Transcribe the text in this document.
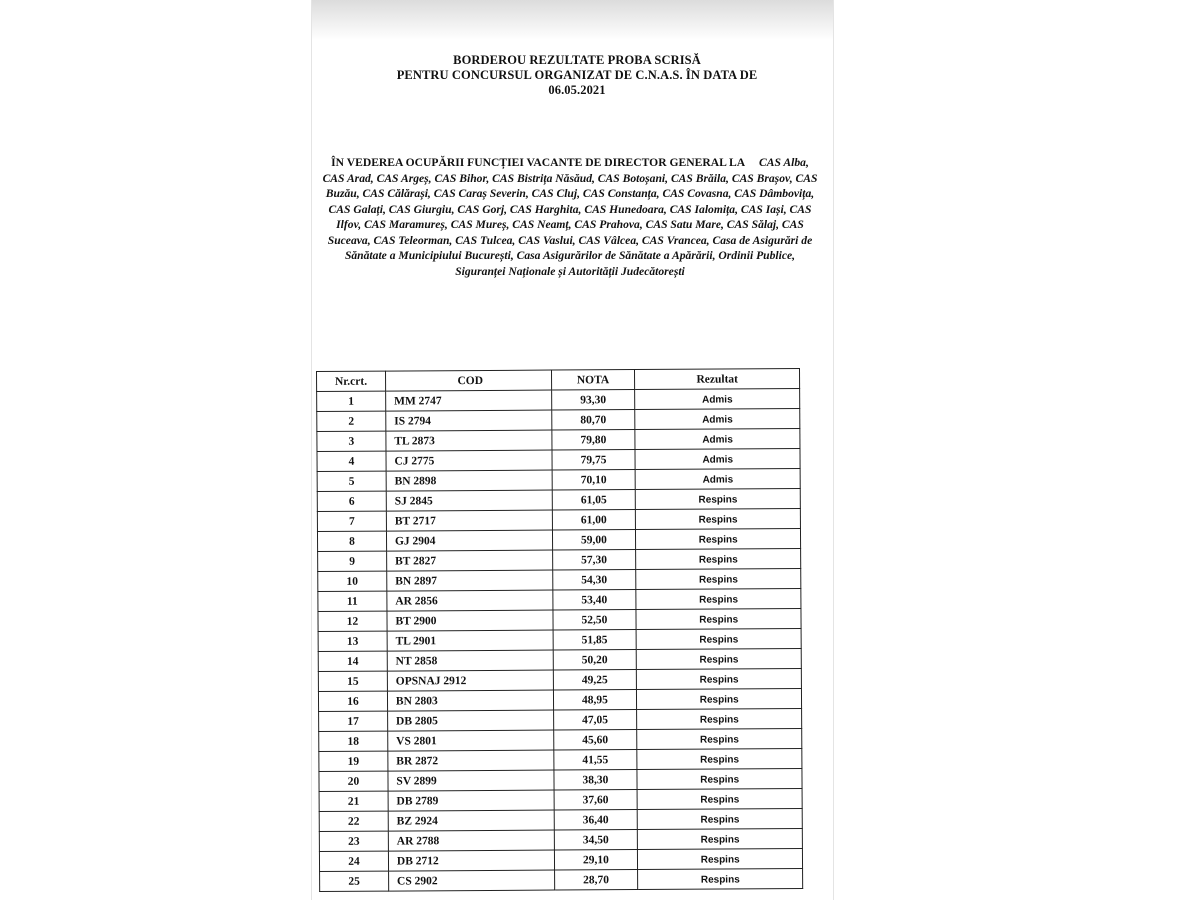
BORDEROU REZULTATE PROBA SCRISĂ
PENTRU CONCURSUL ORGANIZAT DE C.N.A.S. ÎN DATA DE
06.05.2021
ÎN VEDEREA OCUPĂRII FUNCȚIEI VACANTE DE DIRECTOR GENERAL LA CAS Alba, CAS Arad, CAS Argeș, CAS Bihor, CAS Bistrița Năsăud, CAS Botoșani, CAS Brăila, CAS Brașov, CAS Buzău, CAS Călărași, CAS Caraș Severin, CAS Cluj, CAS Constanța, CAS Covasna, CAS Dâmbovița, CAS Galați, CAS Giurgiu, CAS Gorj, CAS Harghita, CAS Hunedoara, CAS Ialomița, CAS Iași, CAS Ilfov, CAS Maramureș, CAS Mureș, CAS Neamț, CAS Prahova, CAS Satu Mare, CAS Sălaj, CAS Suceava, CAS Teleorman, CAS Tulcea, CAS Vaslui, CAS Vâlcea, CAS Vrancea, Casa de Asigurări de Sănătate a Municipiului București, Casa Asigurărilor de Sănătate a Apărării, Ordinii Publice, Siguranței Naționale și Autorității Judecătorești
Nr.crt.	COD	NOTA	Rezultat
1	MM 2747	93,30	Admis
2	IS 2794	80,70	Admis
3	TL 2873	79,80	Admis
4	CJ 2775	79,75	Admis
5	BN 2898	70,10	Admis
6	SJ 2845	61,05	Respins
7	BT 2717	61,00	Respins
8	GJ 2904	59,00	Respins
9	BT 2827	57,30	Respins
10	BN 2897	54,30	Respins
11	AR 2856	53,40	Respins
12	BT 2900	52,50	Respins
13	TL 2901	51,85	Respins
14	NT 2858	50,20	Respins
15	OPSNAJ 2912	49,25	Respins
16	BN 2803	48,95	Respins
17	DB 2805	47,05	Respins
18	VS 2801	45,60	Respins
19	BR 2872	41,55	Respins
20	SV 2899	38,30	Respins
21	DB 2789	37,60	Respins
22	BZ 2924	36,40	Respins
23	AR 2788	34,50	Respins
24	DB 2712	29,10	Respins
25	CS 2902	28,70	Respins
